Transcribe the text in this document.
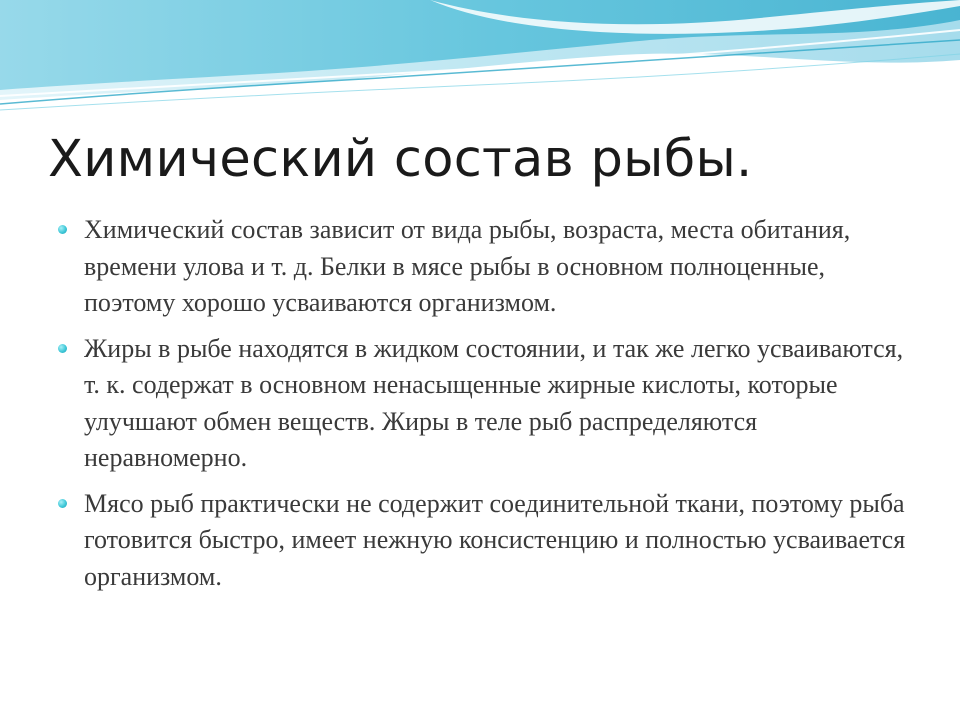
Химический состав рыбы.
Химический состав зависит от вида рыбы, возраста, места обитания, времени улова и т. д. Белки в мясе рыбы в основном полноценные, поэтому хорошо усваиваются организмом.
Жиры в рыбе находятся в жидком состоянии, и так же легко усваиваются, т. к. содержат в основном ненасыщенные жирные кислоты, которые улучшают обмен веществ. Жиры в теле рыб распределяются неравномерно.
Мясо рыб практически не содержит соединительной ткани, поэтому рыба готовится быстро, имеет нежную консистенцию и полностью усваивается организмом.
